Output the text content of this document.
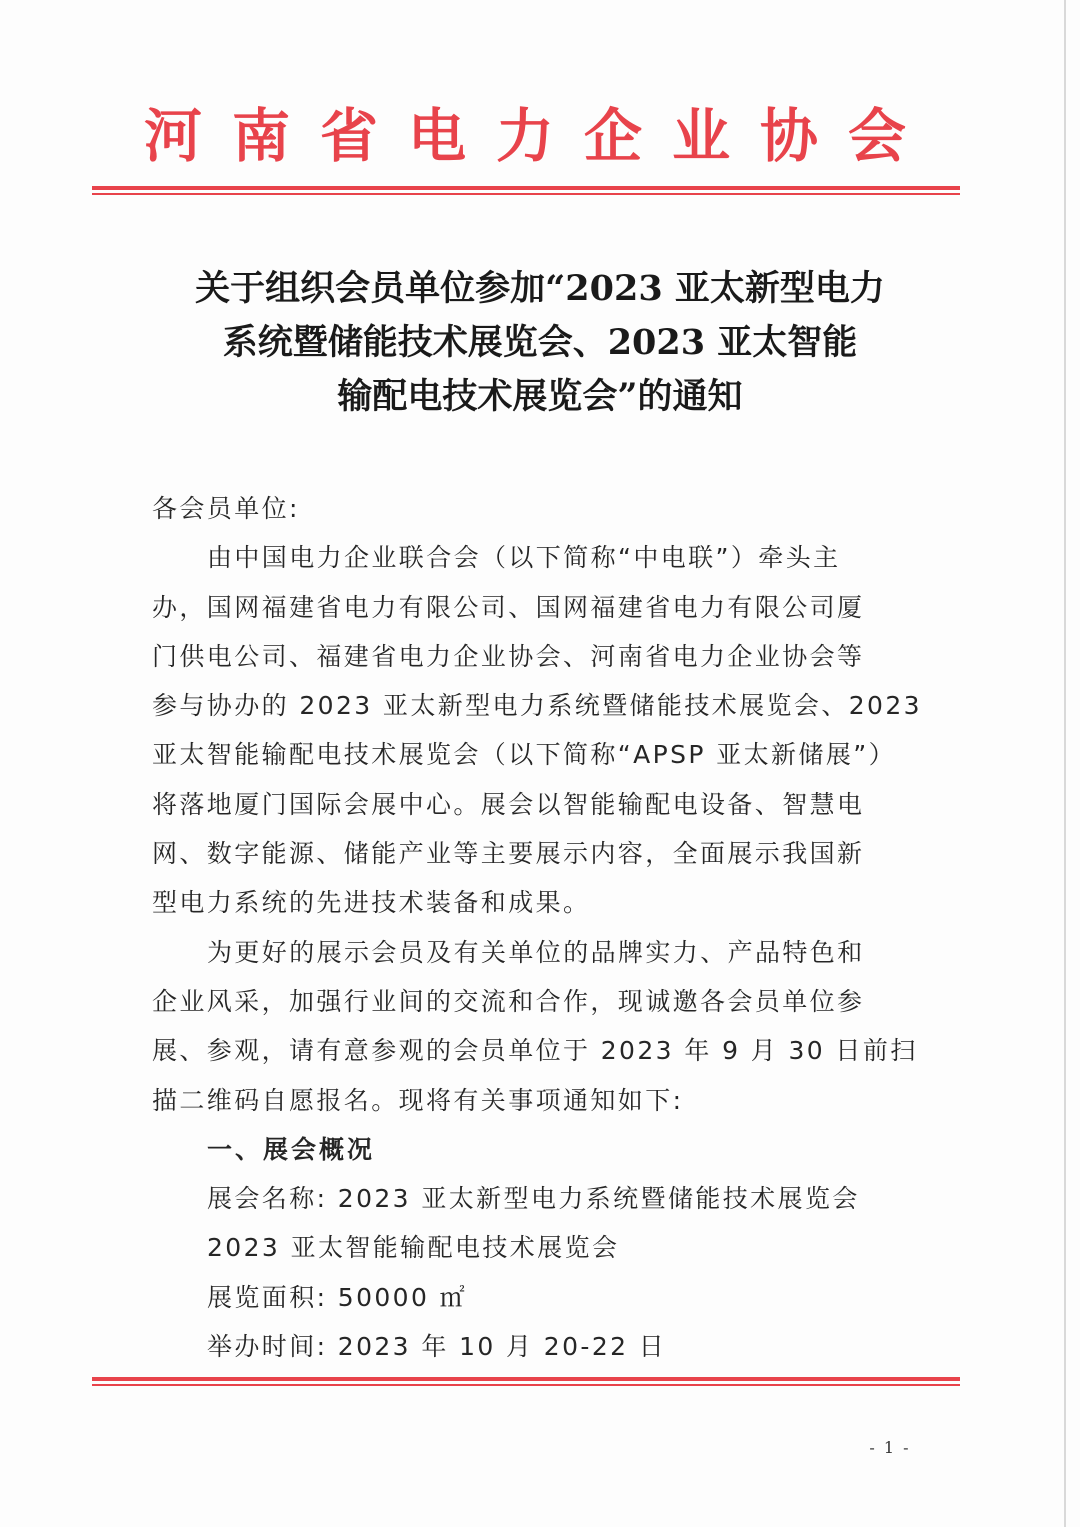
河南省电力企业协会
关于组织会员单位参加“2023 亚太新型电力
系统暨储能技术展览会、2023 亚太智能
输配电技术展览会”的通知
各会员单位:
由中国电力企业联合会（以下简称“中电联”）牵头主
办，国网福建省电力有限公司、国网福建省电力有限公司厦
门供电公司、福建省电力企业协会、河南省电力企业协会等
参与协办的 2023 亚太新型电力系统暨储能技术展览会、2023
亚太智能输配电技术展览会（以下简称“APSP 亚太新储展”）
将落地厦门国际会展中心。展会以智能输配电设备、智慧电
网、数字能源、储能产业等主要展示内容，全面展示我国新
型电力系统的先进技术装备和成果。
为更好的展示会员及有关单位的品牌实力、产品特色和
企业风采，加强行业间的交流和合作，现诚邀各会员单位参
展、参观，请有意参观的会员单位于 2023 年 9 月 30 日前扫
描二维码自愿报名。现将有关事项通知如下:
一、展会概况
展会名称: 2023 亚太新型电力系统暨储能技术展览会
2023 亚太智能输配电技术展览会
展览面积: 50000 ㎡
举办时间: 2023 年 10 月 20-22 日
- 1 -
